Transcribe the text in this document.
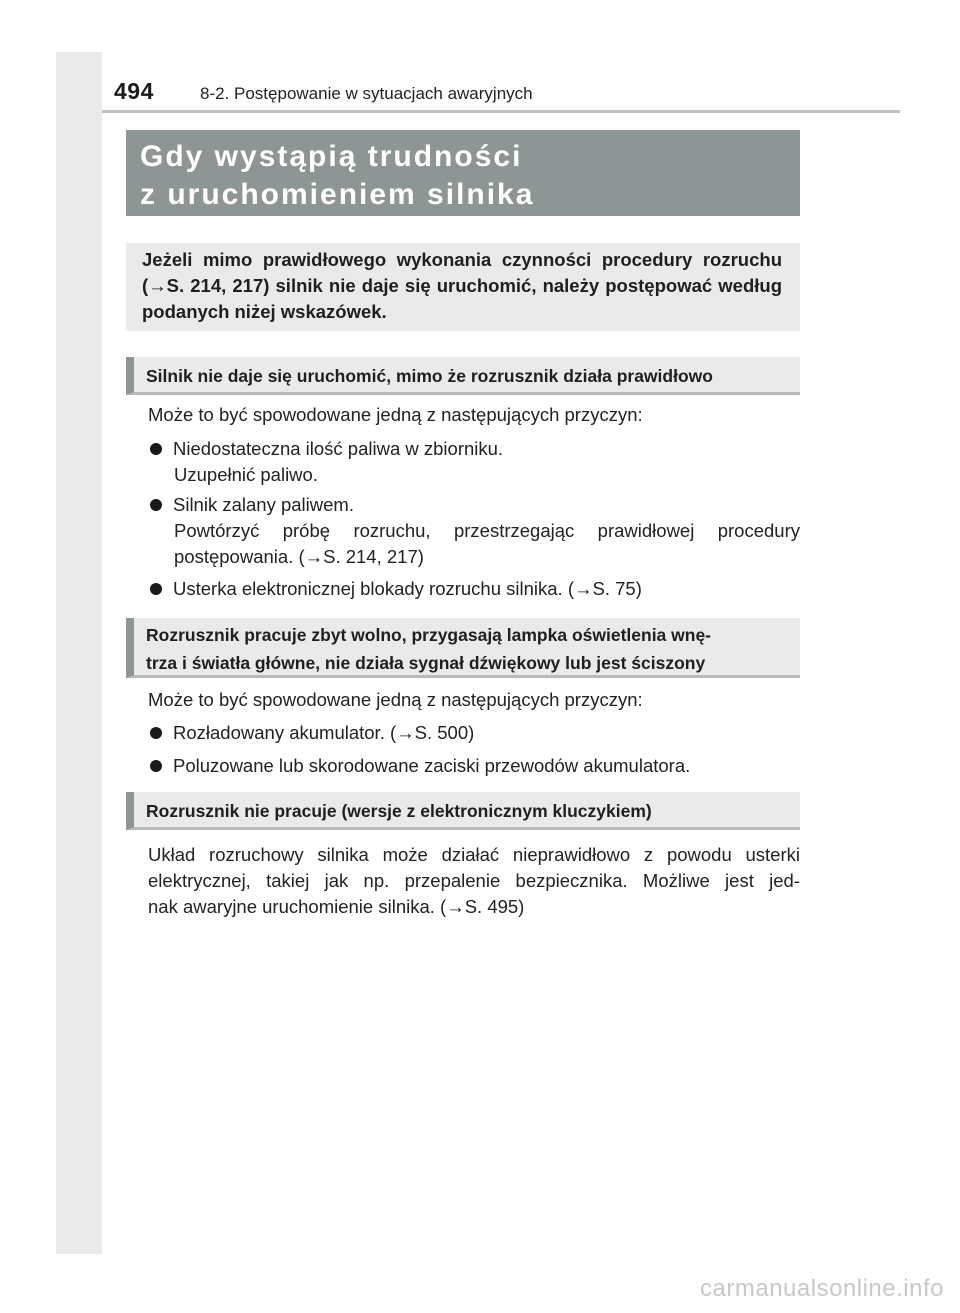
494	8-2. Postępowanie w sytuacjach awaryjnych
Gdy wystąpią trudności
z uruchomieniem silnika
Jeżeli mimo prawidłowego wykonania czynności procedury rozruchu (→S. 214, 217) silnik nie daje się uruchomić, należy postępować według podanych niżej wskazówek.
Silnik nie daje się uruchomić, mimo że rozrusznik działa prawidłowo
Może to być spowodowane jedną z następujących przyczyn:
Niedostateczna ilość paliwa w zbiorniku.
Uzupełnić paliwo.
Silnik zalany paliwem.
Powtórzyć próbę rozruchu, przestrzegając prawidłowej procedury
postępowania. (→S. 214, 217)
Usterka elektronicznej blokady rozruchu silnika. (→S. 75)
Rozrusznik pracuje zbyt wolno, przygasają lampka oświetlenia wnę-
trza i światła główne, nie działa sygnał dźwiękowy lub jest ściszony
Może to być spowodowane jedną z następujących przyczyn:
Rozładowany akumulator. (→S. 500)
Poluzowane lub skorodowane zaciski przewodów akumulatora.
Rozrusznik nie pracuje (wersje z elektronicznym kluczykiem)
Układ rozruchowy silnika może działać nieprawidłowo z powodu usterki
elektrycznej, takiej jak np. przepalenie bezpiecznika. Możliwe jest jed-
nak awaryjne uruchomienie silnika. (→S. 495)
carmanualsonline.info
